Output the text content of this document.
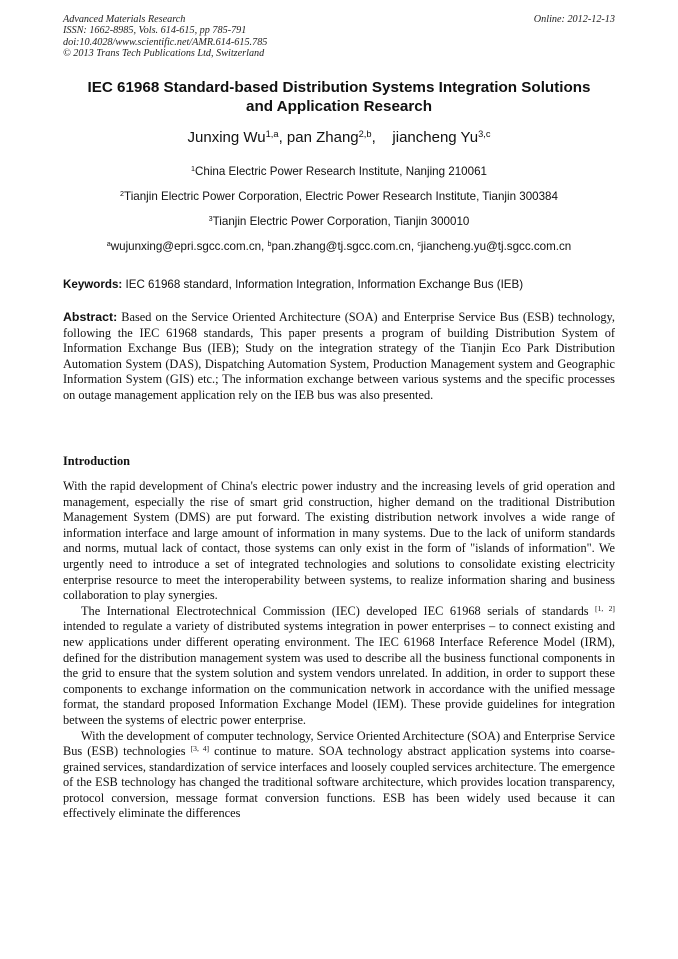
Advanced Materials Research
ISSN: 1662-8985, Vols. 614-615, pp 785-791
doi:10.4028/www.scientific.net/AMR.614-615.785
© 2013 Trans Tech Publications Ltd, Switzerland
Online: 2012-12-13
IEC 61968 Standard-based Distribution Systems Integration Solutions
and Application Research
Junxing Wu$^{1,a}$, pan Zhang$^{2,b}$,    jiancheng Yu$^{3,c}$
$^1$China Electric Power Research Institute, Nanjing 210061
$^2$Tianjin Electric Power Corporation, Electric Power Research Institute, Tianjin 300384
$^3$Tianjin Electric Power Corporation, Tianjin 300010
$^a$wujunxing@epri.sgcc.com.cn, $^b$pan.zhang@tj.sgcc.com.cn, $^c$jiancheng.yu@tj.sgcc.com.cn
Keywords: IEC 61968 standard, Information Integration, Information Exchange Bus (IEB)

Abstract: Based on the Service Oriented Architecture (SOA) and Enterprise Service Bus (ESB) technology, following the IEC 61968 standards, This paper presents a program of building Distribution System of Information Exchange Bus (IEB); Study on the integration strategy of the Tianjin Eco Park Distribution Automation System (DAS), Dispatching Automation System, Production Management system and Geographic Information System (GIS) etc.; The information exchange between various systems and the specific processes on outage management application rely on the IEB bus was also presented.

Introduction

With the rapid development of China's electric power industry and the increasing levels of grid operation and management, especially the rise of smart grid construction, higher demand on the traditional Distribution Management System (DMS) are put forward. The existing distribution network involves a wide range of information interface and large amount of information in many systems. Due to the lack of uniform standards and norms, mutual lack of contact, those systems can only exist in the form of "islands of information". We urgently need to introduce a set of integrated technologies and solutions to consolidate existing electricity enterprise resource to meet the interoperability between systems, to realize information sharing and business collaboration to play synergies.

The International Electrotechnical Commission (IEC) developed IEC 61968 serials of standards [1, 2]  intended to regulate a variety of distributed systems integration in power enterprises – to connect existing and new applications under different operating environment. The IEC 61968 Interface Reference Model (IRM), defined for the distribution management system was used to describe all the business functional components in the grid to ensure that the system solution and system vendors unrelated. In addition, in order to support these components to exchange information on the communication network in accordance with the unified message format, the standard proposed Information Exchange Model (IEM). These provide guidelines for integration between the systems of electric power enterprise.

With the development of computer technology, Service Oriented Architecture (SOA) and Enterprise Service Bus (ESB) technologies [3, 4] continue to mature. SOA technology abstract application systems into coarse-grained services, standardization of service interfaces and loosely coupled services architecture. The emergence of the ESB technology has changed the traditional software architecture, which provides location transparency, protocol conversion, message format conversion functions. ESB has been widely used because it can effectively eliminate the differences
